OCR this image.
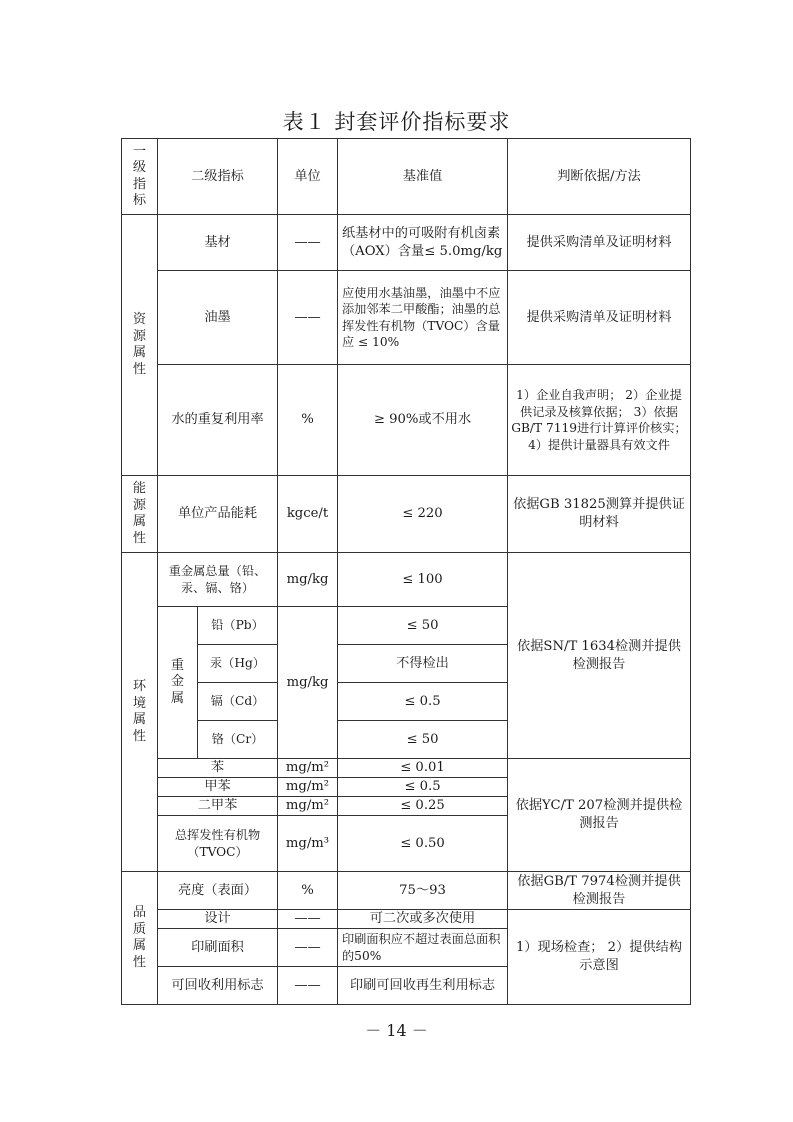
表１ 封套评价指标要求
一级指标	二级指标		单位	基准值	判断依据/方法

资源属性	基材		——	纸基材中的可吸附有机卤素（AOX）含量≤ 5.0mg/kg	提供采购清单及证明材料
	油墨		——	应使用水基油墨，油墨中不应添加邻苯二甲酸酯；油墨的总挥发性有机物（TVOC）含量应 ≤ 10%	提供采购清单及证明材料
	水的重复利用率		%	≥ 90%或不用水	1）企业自我声明； 2）企业提供记录及核算依据； 3）依据GB/T 7119进行计算评价核实； 4）提供计量器具有效文件

能源属性	单位产品能耗		kgce/t	≤ 220	依据GB 31825测算并提供证明材料

环境属性	重金属总量（铅、汞、镉、铬）		mg/kg	≤ 100	依据SN/T 1634检测并提供检测报告

	重金属	铅（Pb）	mg/kg	≤ 50	
		汞（Hg）		不得检出	
		镉（Cd）		≤ 0.5	
		铬（Cr）		≤ 50	
	苯		mg/m²	≤ 0.01	依据YC/T 207检测并提供检测报告
	甲苯		mg/m²	≤ 0.5	
	二甲苯		mg/m²	≤ 0.25	
	总挥发性有机物（TVOC）		mg/m³	≤ 0.50	

品质属性	亮度（表面）		%	75～93	依据GB/T 7974检测并提供检测报告
	设计		——	可二次或多次使用	1）现场检查； 2）提供结构示意图
	印刷面积		——	印刷面积应不超过表面总面积的50%	
	可回收利用标志		——	印刷可回收再生利用标志	
－ 14 －
